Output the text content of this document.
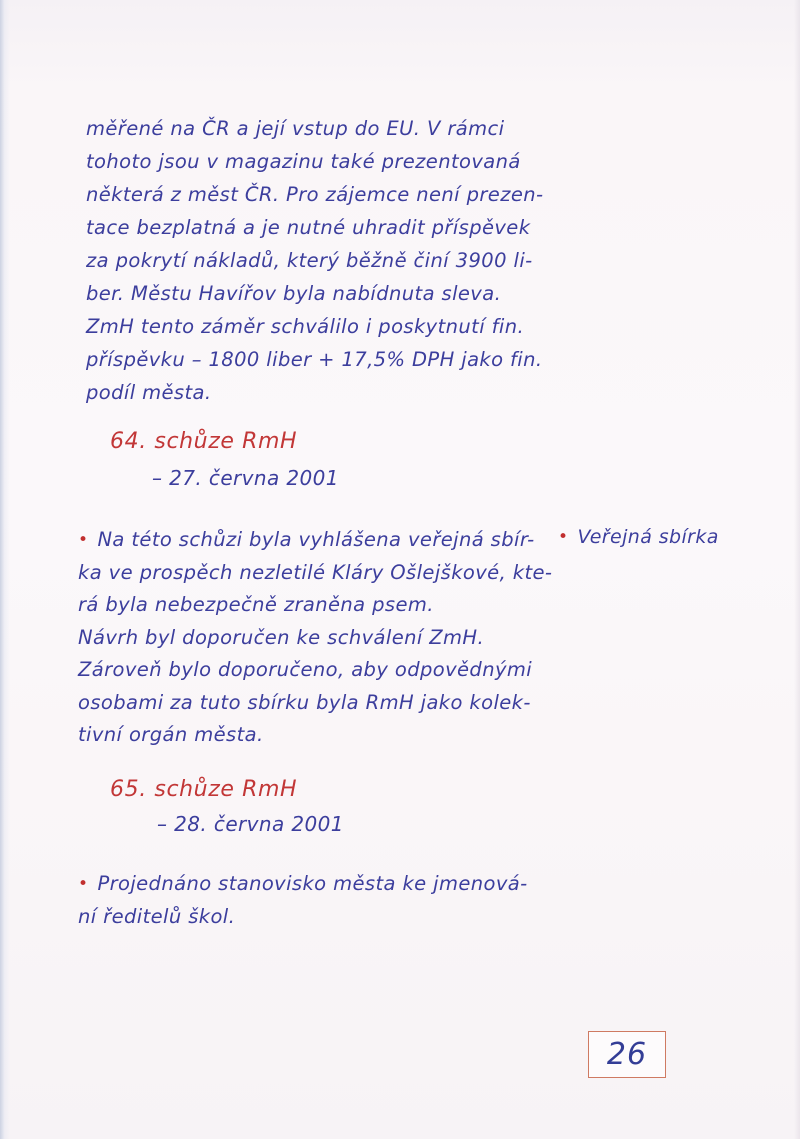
měřené na ČR a její vstup do EU. V rámci
tohoto jsou v magazinu také prezentovaná
některá z měst ČR. Pro zájemce není prezen-
tace bezplatná a je nutné uhradit příspěvek
za pokrytí nákladů, který běžně činí 3900 li-
ber. Městu Havířov byla nabídnuta sleva.
ZmH tento záměr schválilo i poskytnutí fin.
příspěvku – 1800 liber + 17,5% DPH jako fin.
podíl města.
64. schůze RmH
– 27. června 2001
• Na této schůzi byla vyhlášena veřejná sbír-
ka ve prospěch nezletilé Kláry Ošlejškové, kte-
rá byla nebezpečně zraněna psem.
Návrh byl doporučen ke schválení ZmH.
Zároveň bylo doporučeno, aby odpovědnými
osobami za tuto sbírku byla RmH jako kolek-
tivní orgán města.
• Veřejná sbírka
65. schůze RmH
– 28. června 2001
• Projednáno stanovisko města ke jmenová-
ní ředitelů škol.
26
